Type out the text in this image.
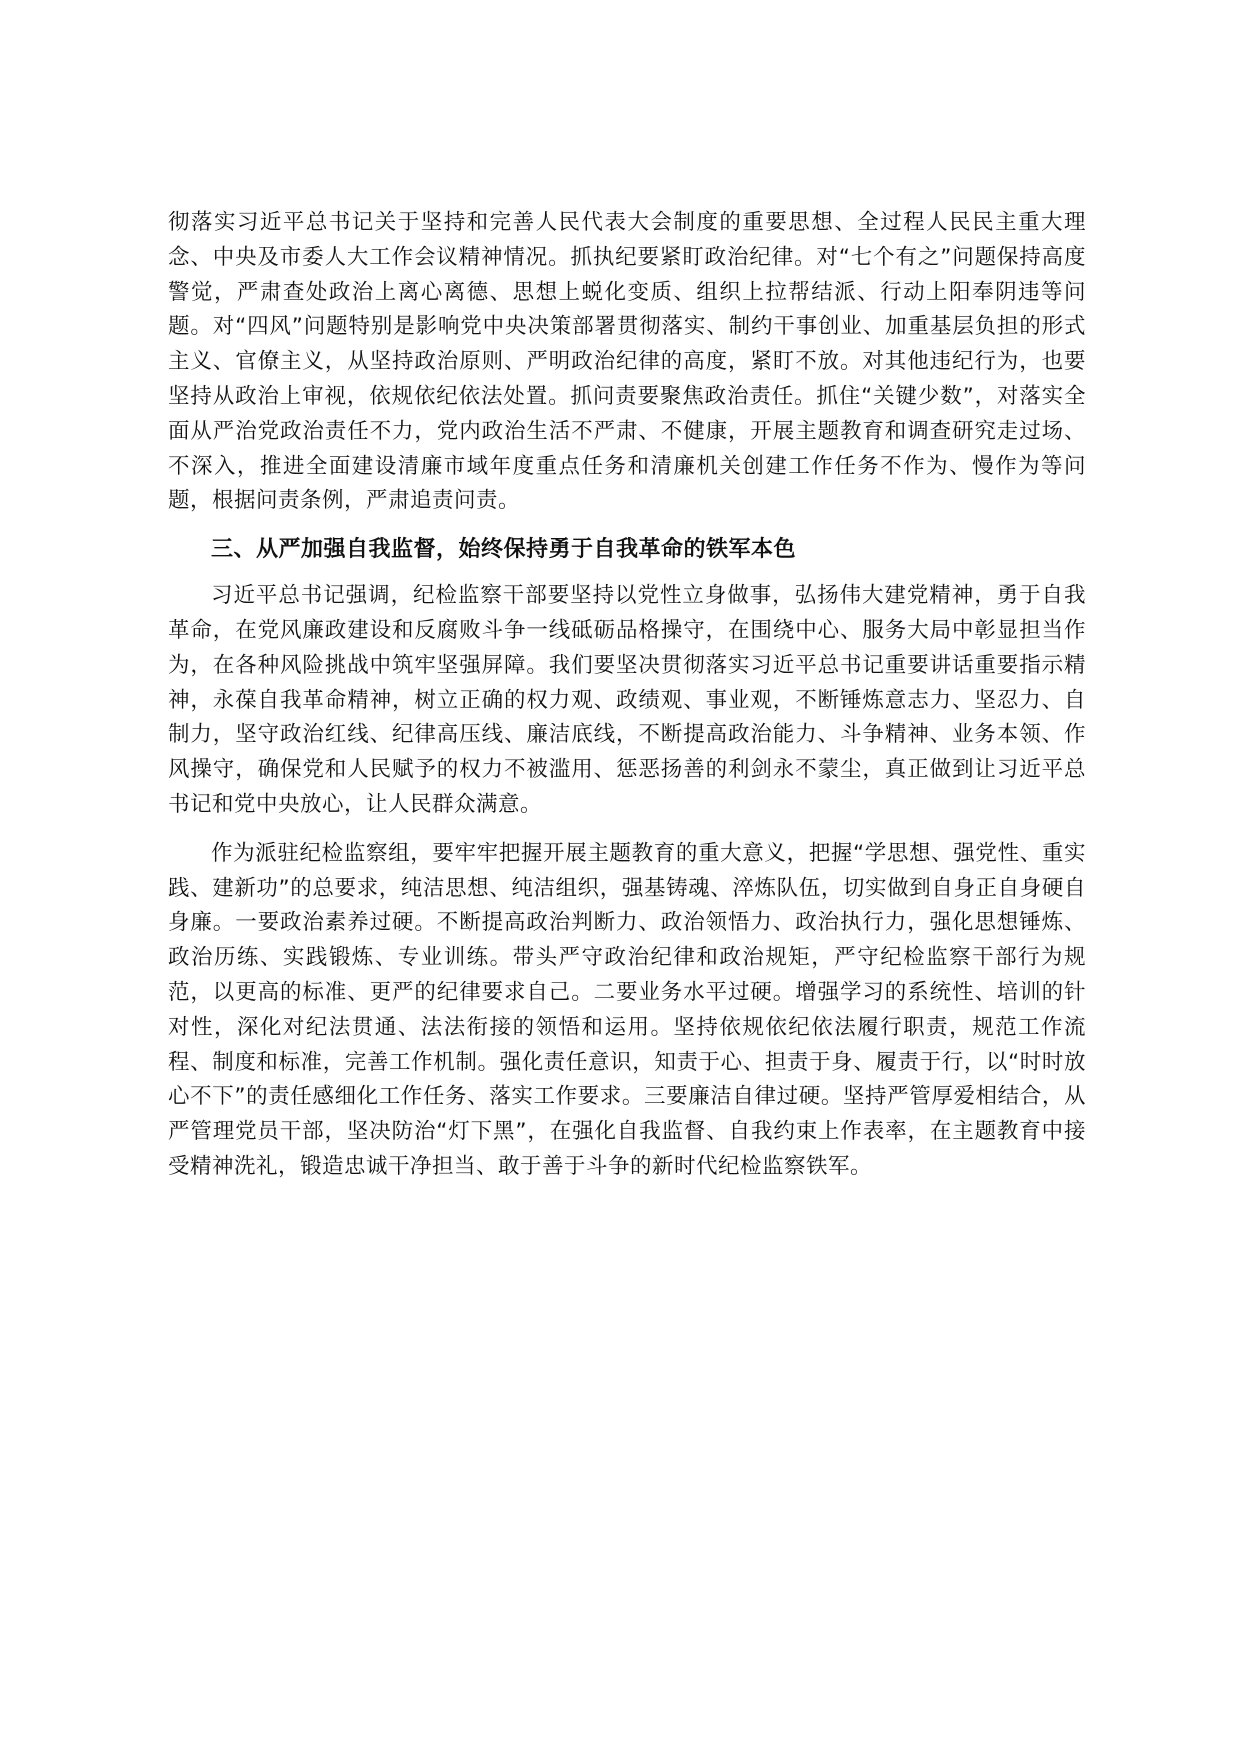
彻落实习近平总书记关于坚持和完善人民代表大会制度的重要思想、全过程人民民主重大理念、中央及市委人大工作会议精神情况。抓执纪要紧盯政治纪律。对“七个有之”问题保持高度警觉，严肃查处政治上离心离德、思想上蜕化变质、组织上拉帮结派、行动上阳奉阴违等问题。对“四风”问题特别是影响党中央决策部署贯彻落实、制约干事创业、加重基层负担的形式主义、官僚主义，从坚持政治原则、严明政治纪律的高度，紧盯不放。对其他违纪行为，也要坚持从政治上审视，依规依纪依法处置。抓问责要聚焦政治责任。抓住“关键少数”，对落实全面从严治党政治责任不力，党内政治生活不严肃、不健康，开展主题教育和调查研究走过场、不深入，推进全面建设清廉市域年度重点任务和清廉机关创建工作任务不作为、慢作为等问题，根据问责条例，严肃追责问责。

三、从严加强自我监督，始终保持勇于自我革命的铁军本色

习近平总书记强调，纪检监察干部要坚持以党性立身做事，弘扬伟大建党精神，勇于自我革命，在党风廉政建设和反腐败斗争一线砥砺品格操守，在围绕中心、服务大局中彰显担当作为，在各种风险挑战中筑牢坚强屏障。我们要坚决贯彻落实习近平总书记重要讲话重要指示精神，永葆自我革命精神，树立正确的权力观、政绩观、事业观，不断锤炼意志力、坚忍力、自制力，坚守政治红线、纪律高压线、廉洁底线，不断提高政治能力、斗争精神、业务本领、作风操守，确保党和人民赋予的权力不被滥用、惩恶扬善的利剑永不蒙尘，真正做到让习近平总书记和党中央放心，让人民群众满意。

作为派驻纪检监察组，要牢牢把握开展主题教育的重大意义，把握“学思想、强党性、重实践、建新功”的总要求，纯洁思想、纯洁组织，强基铸魂、淬炼队伍，切实做到自身正自身硬自身廉。一要政治素养过硬。不断提高政治判断力、政治领悟力、政治执行力，强化思想锤炼、政治历练、实践锻炼、专业训练。带头严守政治纪律和政治规矩，严守纪检监察干部行为规范，以更高的标准、更严的纪律要求自己。二要业务水平过硬。增强学习的系统性、培训的针对性，深化对纪法贯通、法法衔接的领悟和运用。坚持依规依纪依法履行职责，规范工作流程、制度和标准，完善工作机制。强化责任意识，知责于心、担责于身、履责于行，以“时时放心不下”的责任感细化工作任务、落实工作要求。三要廉洁自律过硬。坚持严管厚爱相结合，从严管理党员干部，坚决防治“灯下黑”，在强化自我监督、自我约束上作表率，在主题教育中接受精神洗礼，锻造忠诚干净担当、敢于善于斗争的新时代纪检监察铁军。
